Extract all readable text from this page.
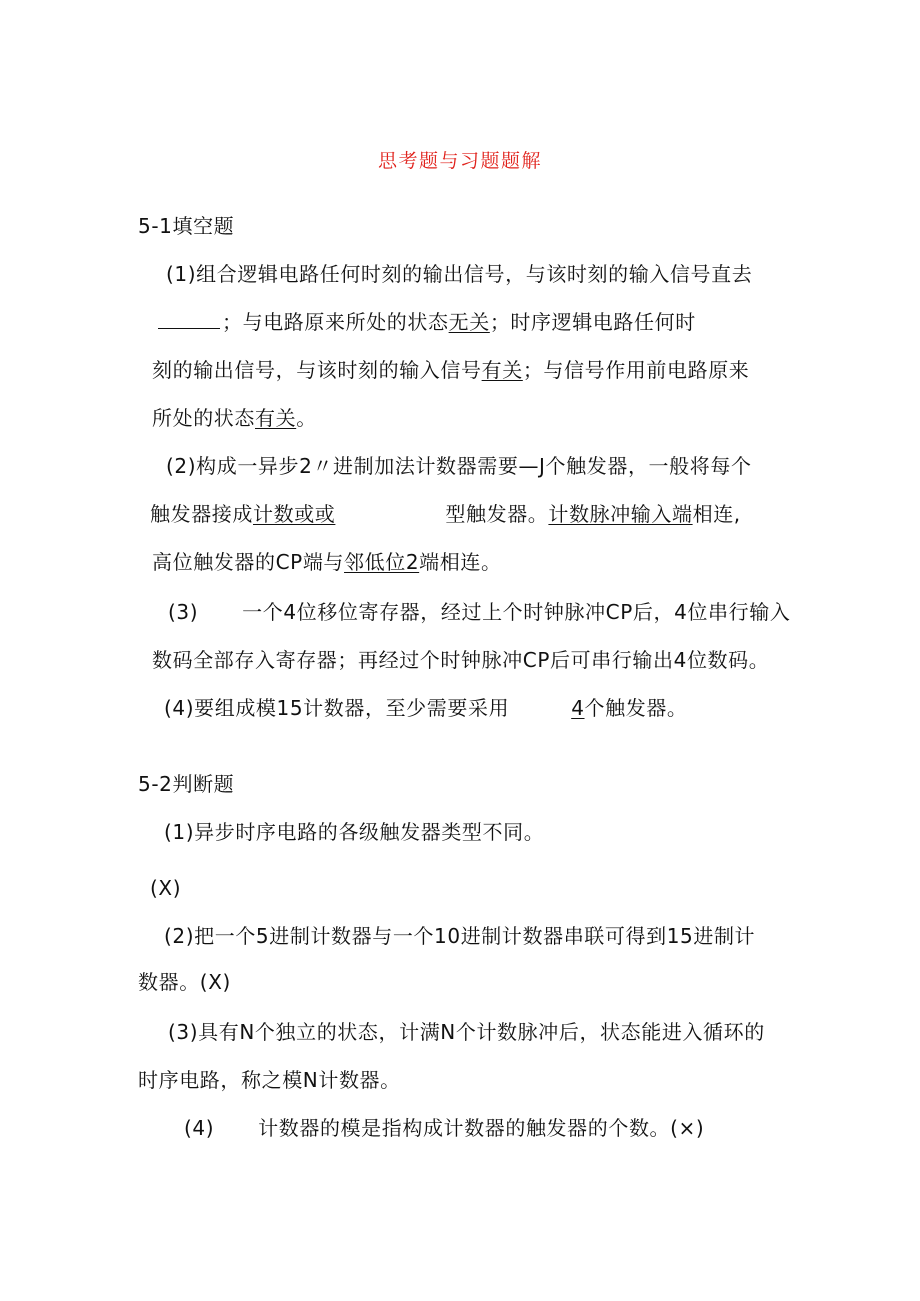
思考题与习题题解
5-1填空题
(1)组合逻辑电路任何时刻的输出信号，与该时刻的输入信号直去
；与电路原来所处的状态无关；时序逻辑电路任何时
刻的输出信号，与该时刻的输入信号有关；与信号作用前电路原来
所处的状态有关。
(2)构成一异步2〃进制加法计数器需要—J个触发器，一般将每个
触发器接成计数或或	型触发器。计数脉冲输入端相连,
高位触发器的CP端与邻低位2端相连。
(3) 一个4位移位寄存器，经过上个时钟脉冲CP后，4位串行输入
数码全部存入寄存器；再经过个时钟脉冲CP后可串行输出4位数码。
(4)要组成模15计数器，至少需要采用	4个触发器。
5-2判断题
(1)异步时序电路的各级触发器类型不同。
(X)
(2)把一个5进制计数器与一个10进制计数器串联可得到15进制计
数器。(X)
(3)具有N个独立的状态，计满N个计数脉冲后，状态能进入循环的
时序电路，称之模N计数器。
(4) 计数器的模是指构成计数器的触发器的个数。(×)
